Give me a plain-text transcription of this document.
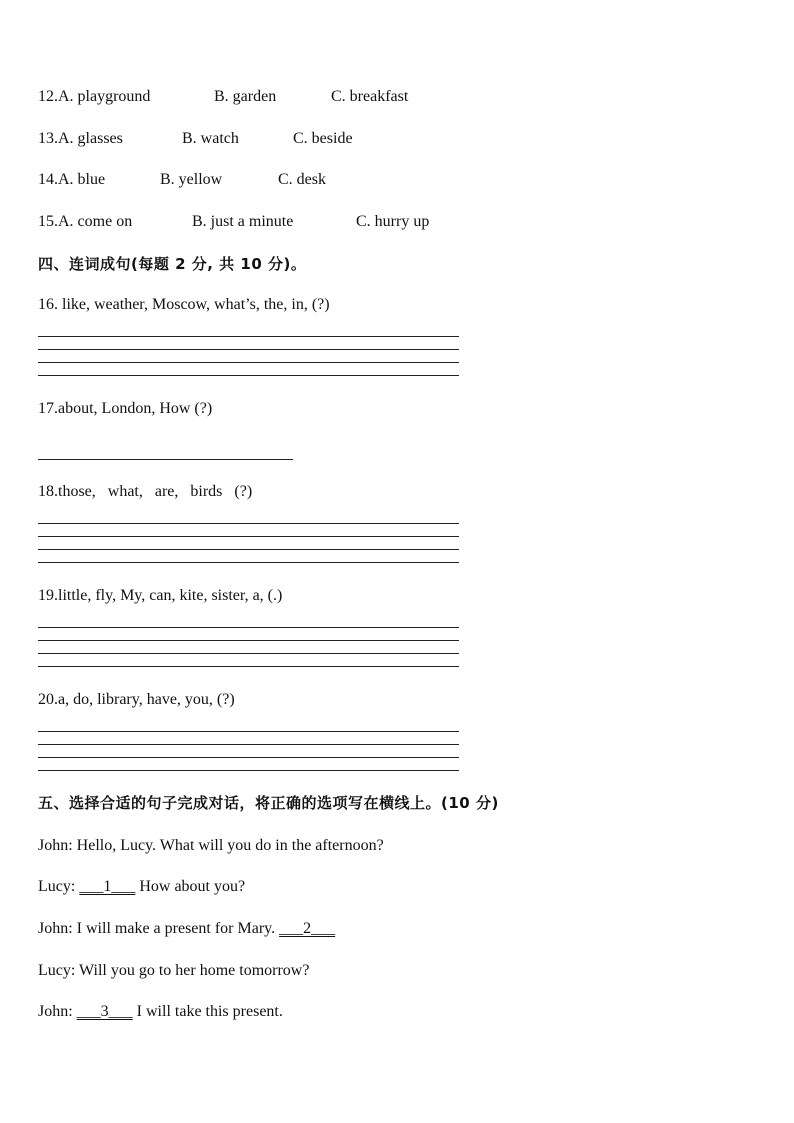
12.A. playground	B. garden	C. breakfast
13.A. glasses	B. watch	C. beside
14.A. blue	B. yellow	C. desk
15.A. come on	B. just a minute	C. hurry up
四、连词成句(每题 2 分, 共 10 分)。
16. like, weather, Moscow, what’s, the, in, (?)
17.about, London, How (?)
18.those, what, are, birds (?)
19.little, fly, My, can, kite, sister, a, (.)
20.a, do, library, have, you, (?)
五、选择合适的句子完成对话，将正确的选项写在横线上。(10 分)
John: Hello, Lucy. What will you do in the afternoon?
Lucy: ___1___ How about you?
John: I will make a present for Mary. ___2___
Lucy: Will you go to her home tomorrow?
John: ___3___ I will take this present.
